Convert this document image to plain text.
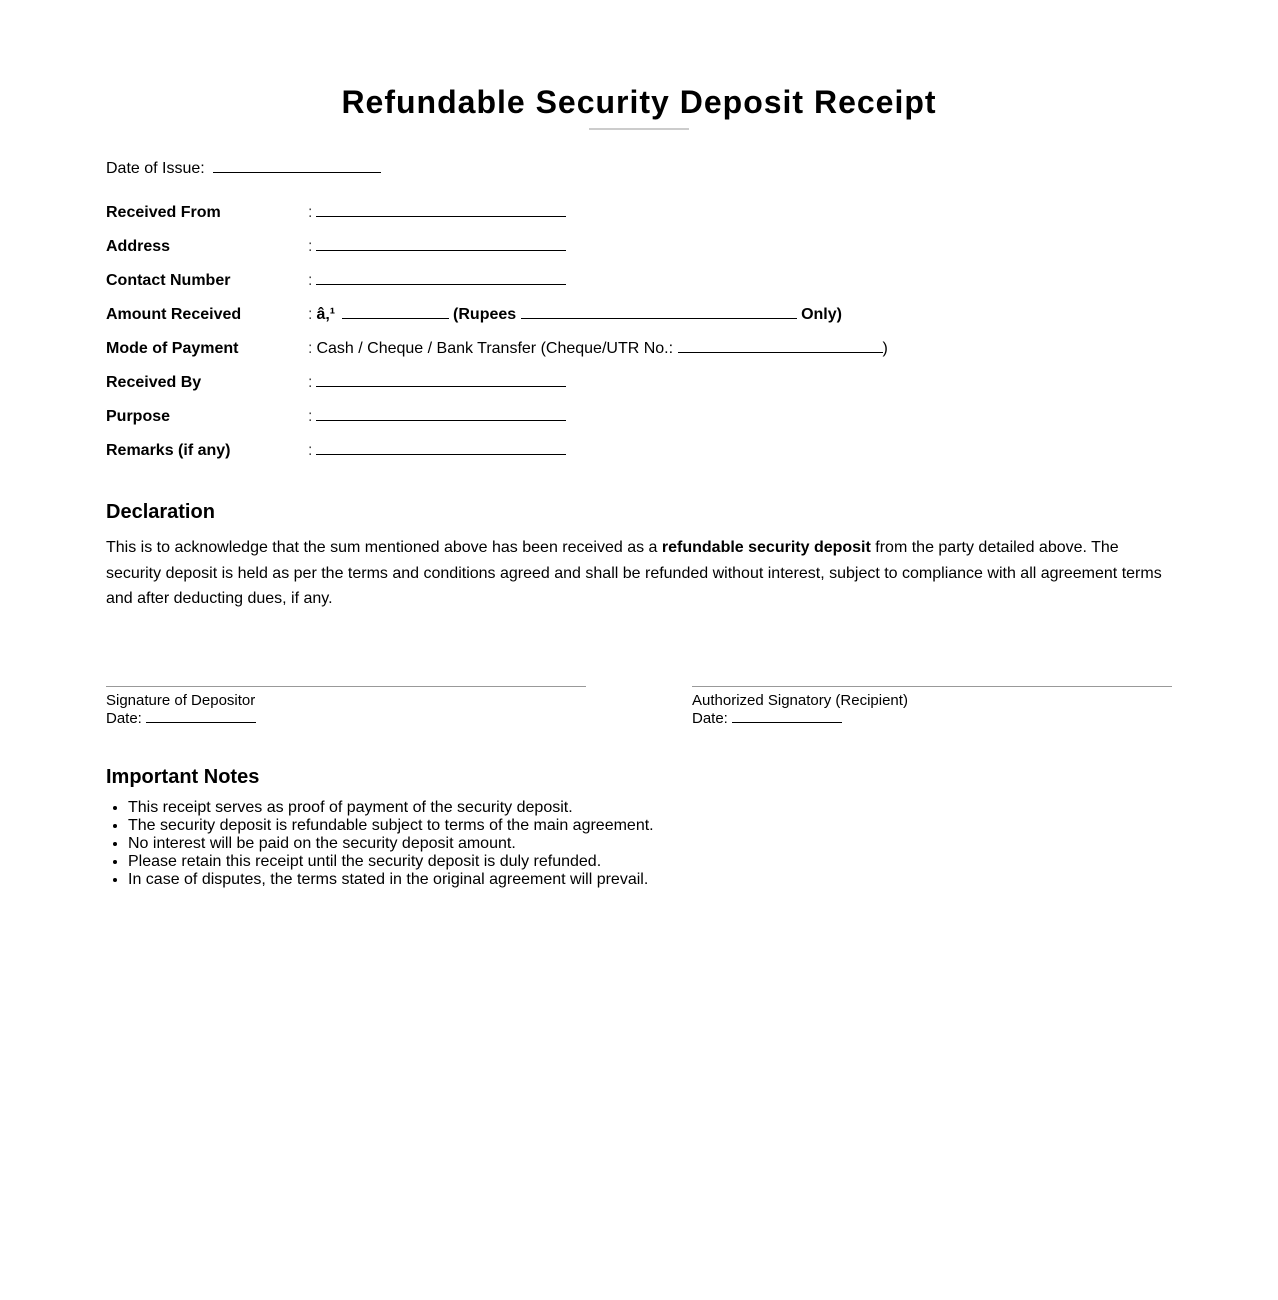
Refundable Security Deposit Receipt
Date of Issue:
Received From	:
Address	:
Contact Number	:
Amount Received	: â‚¹	(Rupees	Only)
Mode of Payment	: Cash / Cheque / Bank Transfer (Cheque/UTR No.:	)
Received By	:
Purpose	:
Remarks (if any)	:
Declaration

This is to acknowledge that the sum mentioned above has been received as a refundable security deposit from the party detailed above. The security deposit is held as per the terms and conditions agreed and shall be refunded without interest, subject to compliance with all agreement terms and after deducting dues, if any.

Signature of Depositor
Date:
Authorized Signatory (Recipient)
Date:
Important Notes
• This receipt serves as proof of payment of the security deposit.
• The security deposit is refundable subject to terms of the main agreement.
• No interest will be paid on the security deposit amount.
• Please retain this receipt until the security deposit is duly refunded.
• In case of disputes, the terms stated in the original agreement will prevail.
